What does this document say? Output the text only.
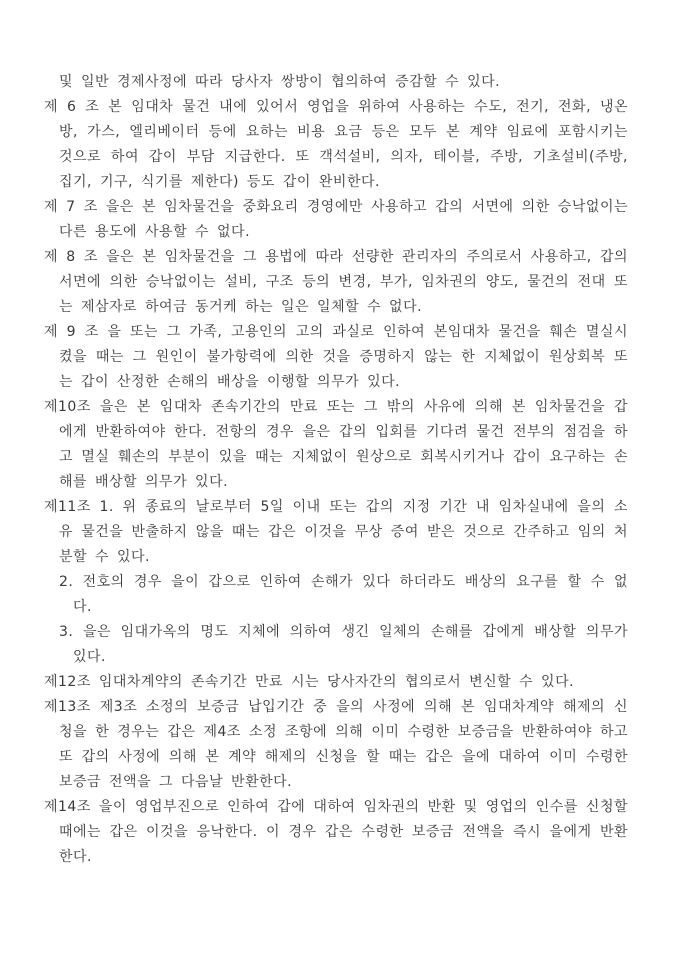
및 일반 경제사정에 따라 당사자 쌍방이 협의하여 증감할 수 있다.

제 6 조 본 임대차 물건 내에 있어서 영업을 위하여 사용하는 수도, 전기, 전화, 냉온방, 가스, 엘리베이터 등에 요하는 비용 요금 등은 모두 본 계약 임료에 포함시키는 것으로 하여 갑이 부담 지급한다. 또 객석설비, 의자, 테이블, 주방, 기초설비(주방, 집기, 기구, 식기를 제한다) 등도 갑이 완비한다.

제 7 조 을은 본 임차물건을 중화요리 경영에만 사용하고 갑의 서면에 의한 승낙없이는 다른 용도에 사용할 수 없다.

제 8 조 을은 본 임차물건을 그 용법에 따라 선량한 관리자의 주의로서 사용하고, 갑의 서면에 의한 승낙없이는 설비, 구조 등의 변경, 부가, 임차권의 양도, 물건의 전대 또는 제삼자로 하여금 동거케 하는 일은 일체할 수 없다.

제 9 조 을 또는 그 가족, 고용인의 고의 과실로 인하여 본임대차 물건을 훼손 멸실시켰을 때는 그 원인이 불가항력에 의한 것을 증명하지 않는 한 지체없이 원상회복 또는 갑이 산정한 손해의 배상을 이행할 의무가 있다.

제10조 을은 본 임대차 존속기간의 만료 또는 그 밖의 사유에 의해 본 임차물건을 갑에게 반환하여야 한다. 전항의 경우 을은 갑의 입회를 기다려 물건 전부의 점검을 하고 멸실 훼손의 부분이 있을 때는 지체없이 원상으로 회복시키거나 갑이 요구하는 손해를 배상할 의무가 있다.

제11조 1. 위 종료의 날로부터 5일 이내 또는 갑의 지정 기간 내 임차실내에 을의 소유 물건을 반출하지 않을 때는 갑은 이것을 무상 증여 받은 것으로 간주하고 임의 처분할 수 있다.

2. 전호의 경우 을이 갑으로 인하여 손해가 있다 하더라도 배상의 요구를 할 수 없다.

3. 을은 임대가옥의 명도 지체에 의하여 생긴 일체의 손해를 갑에게 배상할 의무가 있다.

제12조 임대차계약의 존속기간 만료 시는 당사자간의 협의로서 변신할 수 있다.

제13조 제3조 소정의 보증금 납입기간 중 을의 사정에 의해 본 임대차계약 해제의 신청을 한 경우는 갑은 제4조 소정 조항에 의해 이미 수령한 보증금을 반환하여야 하고 또 갑의 사정에 의해 본 계약 해제의 신청을 할 때는 갑은 을에 대하여 이미 수령한 보증금 전액을 그 다음날 반환한다.

제14조 을이 영업부진으로 인하여 갑에 대하여 임차권의 반환 및 영업의 인수를 신청할 때에는 갑은 이것을 응낙한다. 이 경우 갑은 수령한 보증금 전액을 즉시 을에게 반환한다.
